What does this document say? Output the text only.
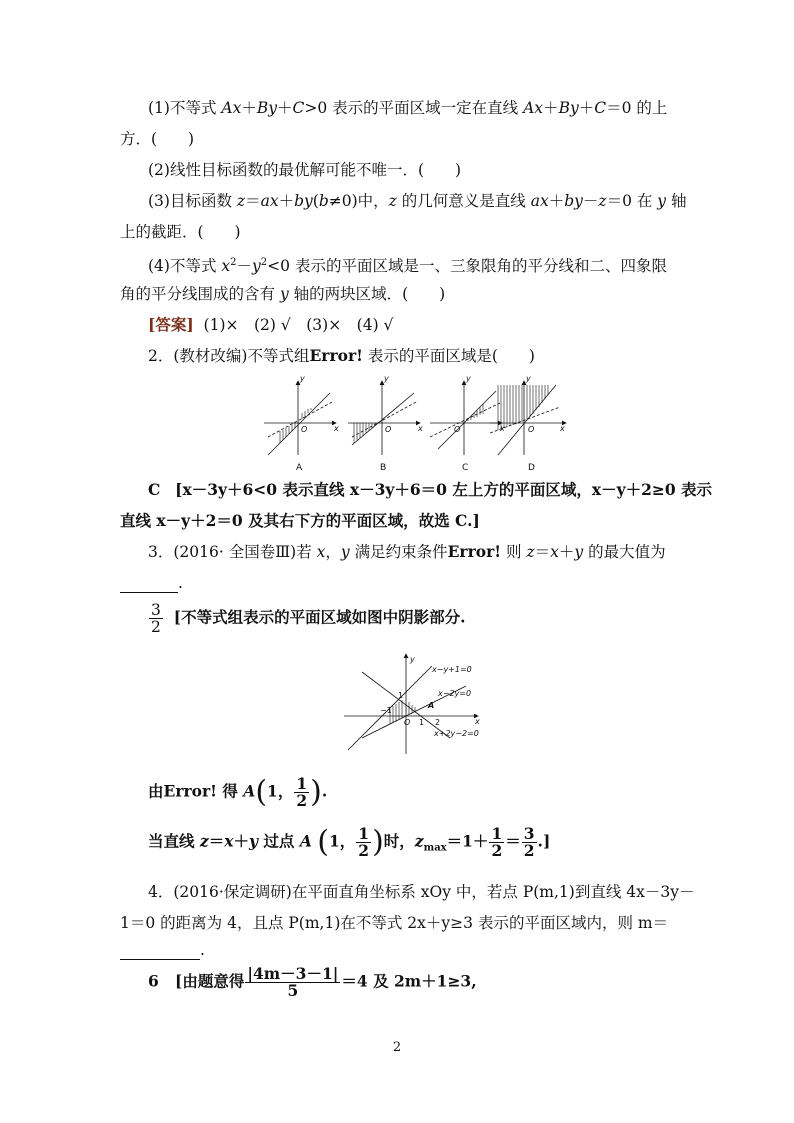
(1)不等式 Ax＋By＋C>0 表示的平面区域一定在直线 Ax＋By＋C＝0 的上
方．(　　)
(2)线性目标函数的最优解可能不唯一．(　　)
(3)目标函数 z＝ax＋by(b≠0)中，z 的几何意义是直线 ax＋by－z＝0 在 y 轴
上的截距．(　　)
(4)不等式 $x^2-y^2<0$ 表示的平面区域是一、三象限角的平分线和二、四象限
角的平分线围成的含有 y 轴的两块区域．(　　)
[答案] (1)×　(2) √　(3)×　(4) √
2．(教材改编)不等式组Error! 表示的平面区域是(　　)
y
x
O
A
y
x
O
B
y
x
O
C
y
x
O
D
C [x－3y＋6<0 表示直线 x－3y＋6＝0 左上方的平面区域，x－y＋2≥0 表示
直线 x－y＋2＝0 及其右下方的平面区域，故选 C.]
3．(2016· 全国卷Ⅲ)若 x，y 满足约束条件Error! 则 z＝x＋y 的最大值为
.
$\frac{3}{2}$ [不等式组表示的平面区域如图中阴影部分.
y
x
x−y+1=0
x−2y=0
x+2y−2=0
1
−1
1 2
A
O
由Error! 得 A(1， $\frac{1}{2}$ ).
当直线 z＝x＋y 过点 A (1， $\frac{1}{2}$ )时，$z_{max}=1+ \frac{1}{2} = \frac{3}{2}$ .]
4．(2016·保定调研)在平面直角坐标系 xOy 中，若点 P(m,1)到直线 4x－3y－
1＝0 的距离为 4，且点 P(m,1)在不等式 2x＋y≥3 表示的平面区域内，则 m＝
.
6 [由题意得 $\frac{|4m-3-1|}{5} =4$ 及 2m＋1≥3,
2
